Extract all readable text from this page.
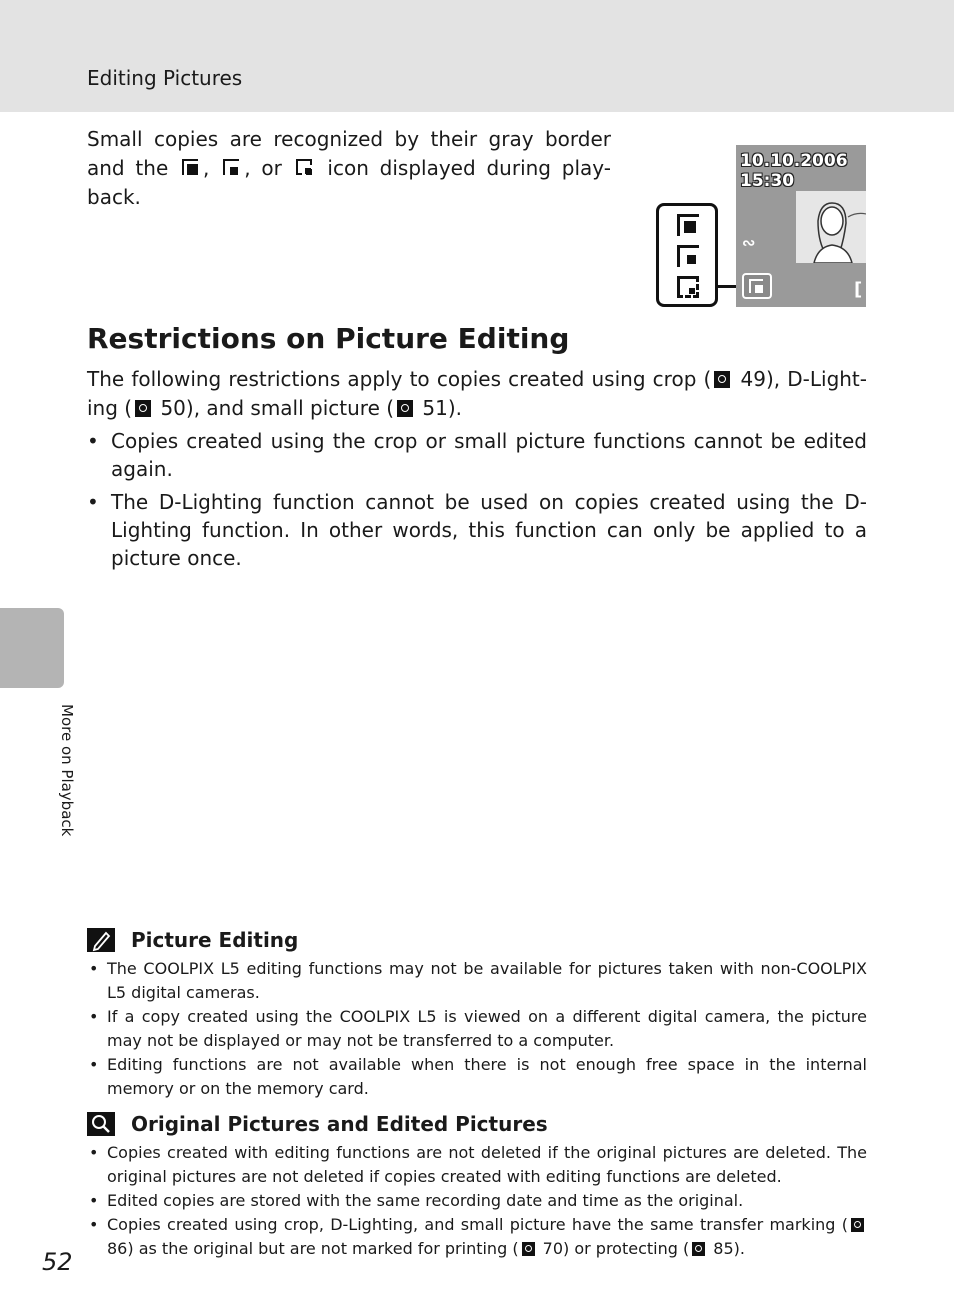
Editing Pictures
More on Playback
Small copies are recognized by their gray border and the
,
, or
icon displayed during play-back.
10.10.2006
15:30
∾
[
Restrictions on Picture Editing
The following restrictions apply to copies created using crop ( 49), D-Light-ing ( 50), and small picture ( 51).
• Copies created using the crop or small picture functions cannot be edited again.
• The D-Lighting function cannot be used on copies created using the D-Lighting function. In other words, this function can only be applied to a picture once.
Picture Editing
• The COOLPIX L5 editing functions may not be available for pictures taken with non-COOLPIX L5 digital cameras.
• If a copy created using the COOLPIX L5 is viewed on a different digital camera, the picture may not be displayed or may not be transferred to a computer.
• Editing functions are not available when there is not enough free space in the internal memory or on the memory card.
Original Pictures and Edited Pictures
• Copies created with editing functions are not deleted if the original pictures are deleted. The original pictures are not deleted if copies created with editing functions are deleted.
• Edited copies are stored with the same recording date and time as the original.
• Copies created using crop, D-Lighting, and small picture have the same transfer marking ( 86) as the original but are not marked for printing ( 70) or protecting ( 85).
52
